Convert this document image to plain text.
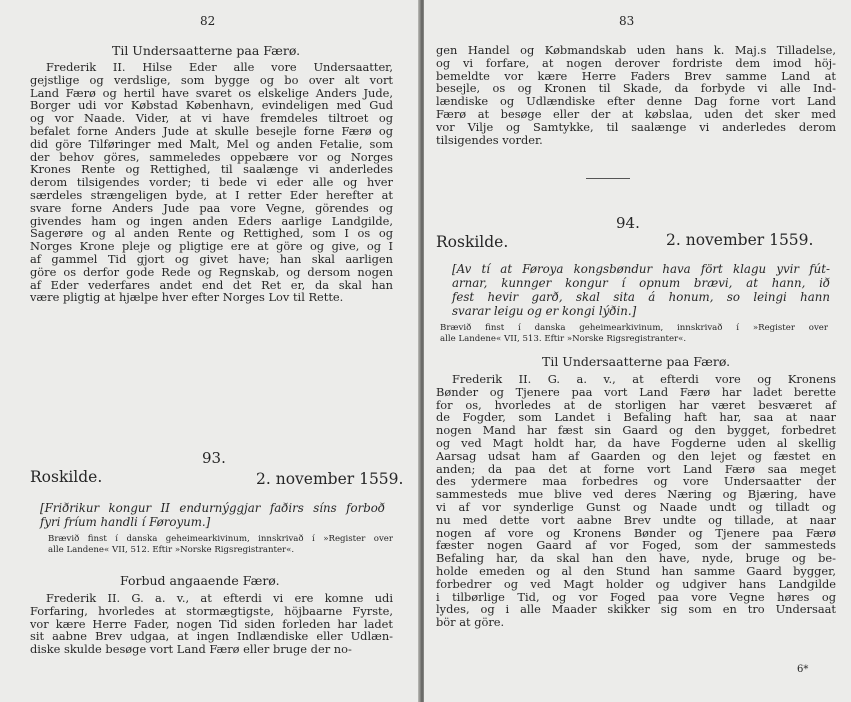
82
Til Undersaatterne paa Færø.
Frederik II. Hilse Eder alle vore Undersaatter,
gejstlige og verdslige, som bygge og bo over alt vort
Land Færø og hertil have svaret os elskelige Anders Jude,
Borger udi vor Købstad København, evindeligen med Gud
og vor Naade. Vider, at vi have fremdeles tiltroet og
befalet forne Anders Jude at skulle besejle forne Færø og
did göre Tilføringer med Malt, Mel og anden Fetalie, som
der behov göres, sammeledes oppebære vor og Norges
Krones Rente og Rettighed, til saalænge vi anderledes
derom tilsigendes vorder; ti bede vi eder alle og hver
særdeles strængeligen byde, at I retter Eder herefter at
svare forne Anders Jude paa vore Vegne, görendes og
givendes ham og ingen anden Eders aarlige Landgilde,
Sagerøre og al anden Rente og Rettighed, som I os og
Norges Krone pleje og pligtige ere at göre og give, og I
af gammel Tid gjort og givet have; han skal aarligen
göre os derfor gode Rede og Regnskab, og dersom nogen
af Eder vederfares andet end det Ret er, da skal han
være pligtig at hjælpe hver efter Norges Lov til Rette.
93.
Roskilde.	2. november 1559.
[Friðrikur kongur II endurnýggjar faðirs síns forboð
fyri fríum handli í Føroyum.]
Brævið finst í danska geheimearkivinum, innskrivað í »Register over
alle Landene« VII, 512. Eftir »Norske Rigsregistranter«.
Forbud angaaende Færø.
Frederik II. G. a. v., at efterdi vi ere komne udi
Forfaring, hvorledes at stormægtigste, höjbaarne Fyrste,
vor kære Herre Fader, nogen Tid siden forleden har ladet
sit aabne Brev udgaa, at ingen Indlændiske eller Udlæn-
diske skulde besøge vort Land Færø eller bruge der no-
83
gen Handel og Købmandskab uden hans k. Maj.s Tilladelse,
og vi forfare, at nogen derover fordriste dem imod höj-
bemeldte vor kære Herre Faders Brev samme Land at
besejle, os og Kronen til Skade, da forbyde vi alle Ind-
lændiske og Udlændiske efter denne Dag forne vort Land
Færø at besøge eller der at købslaa, uden det sker med
vor Vilje og Samtykke, til saalænge vi anderledes derom
tilsigendes vorder.
94.
Roskilde.	2. november 1559.
[Av tí at Føroya kongsbøndur hava fört klagu yvir fút-
arnar, kunnger kongur í opnum brævi, at hann, ið
fest hevir garð, skal sita á honum, so leingi hann
svarar leigu og er kongi lýðin.]
Brævið finst í danska geheimearkivinum, innskrivað í »Register over
alle Landene« VII, 513. Eftir »Norske Rigsregistranter«.
Til Undersaatterne paa Færø.
Frederik II. G. a. v., at efterdi vore og Kronens
Bønder og Tjenere paa vort Land Færø har ladet berette
for os, hvorledes at de storligen har været besværet af
de Fogder, som Landet i Befaling haft har, saa at naar
nogen Mand har fæst sin Gaard og den bygget, forbedret
og ved Magt holdt har, da have Fogderne uden al skellig
Aarsag udsat ham af Gaarden og den lejet og fæstet en
anden; da paa det at forne vort Land Færø saa meget
des ydermere maa forbedres og vore Undersaatter der
sammesteds mue blive ved deres Næring og Bjæring, have
vi af vor synderlige Gunst og Naade undt og tilladt og
nu med dette vort aabne Brev undte og tillade, at naar
nogen af vore og Kronens Bønder og Tjenere paa Færø
fæster nogen Gaard af vor Foged, som der sammesteds
Befaling har, da skal han den have, nyde, bruge og be-
holde emeden og al den Stund han samme Gaard bygger,
forbedrer og ved Magt holder og udgiver hans Landgilde
i tilbørlige Tid, og vor Foged paa vore Vegne høres og
lydes, og i alle Maader skikker sig som en tro Undersaat
bör at göre.
6*
